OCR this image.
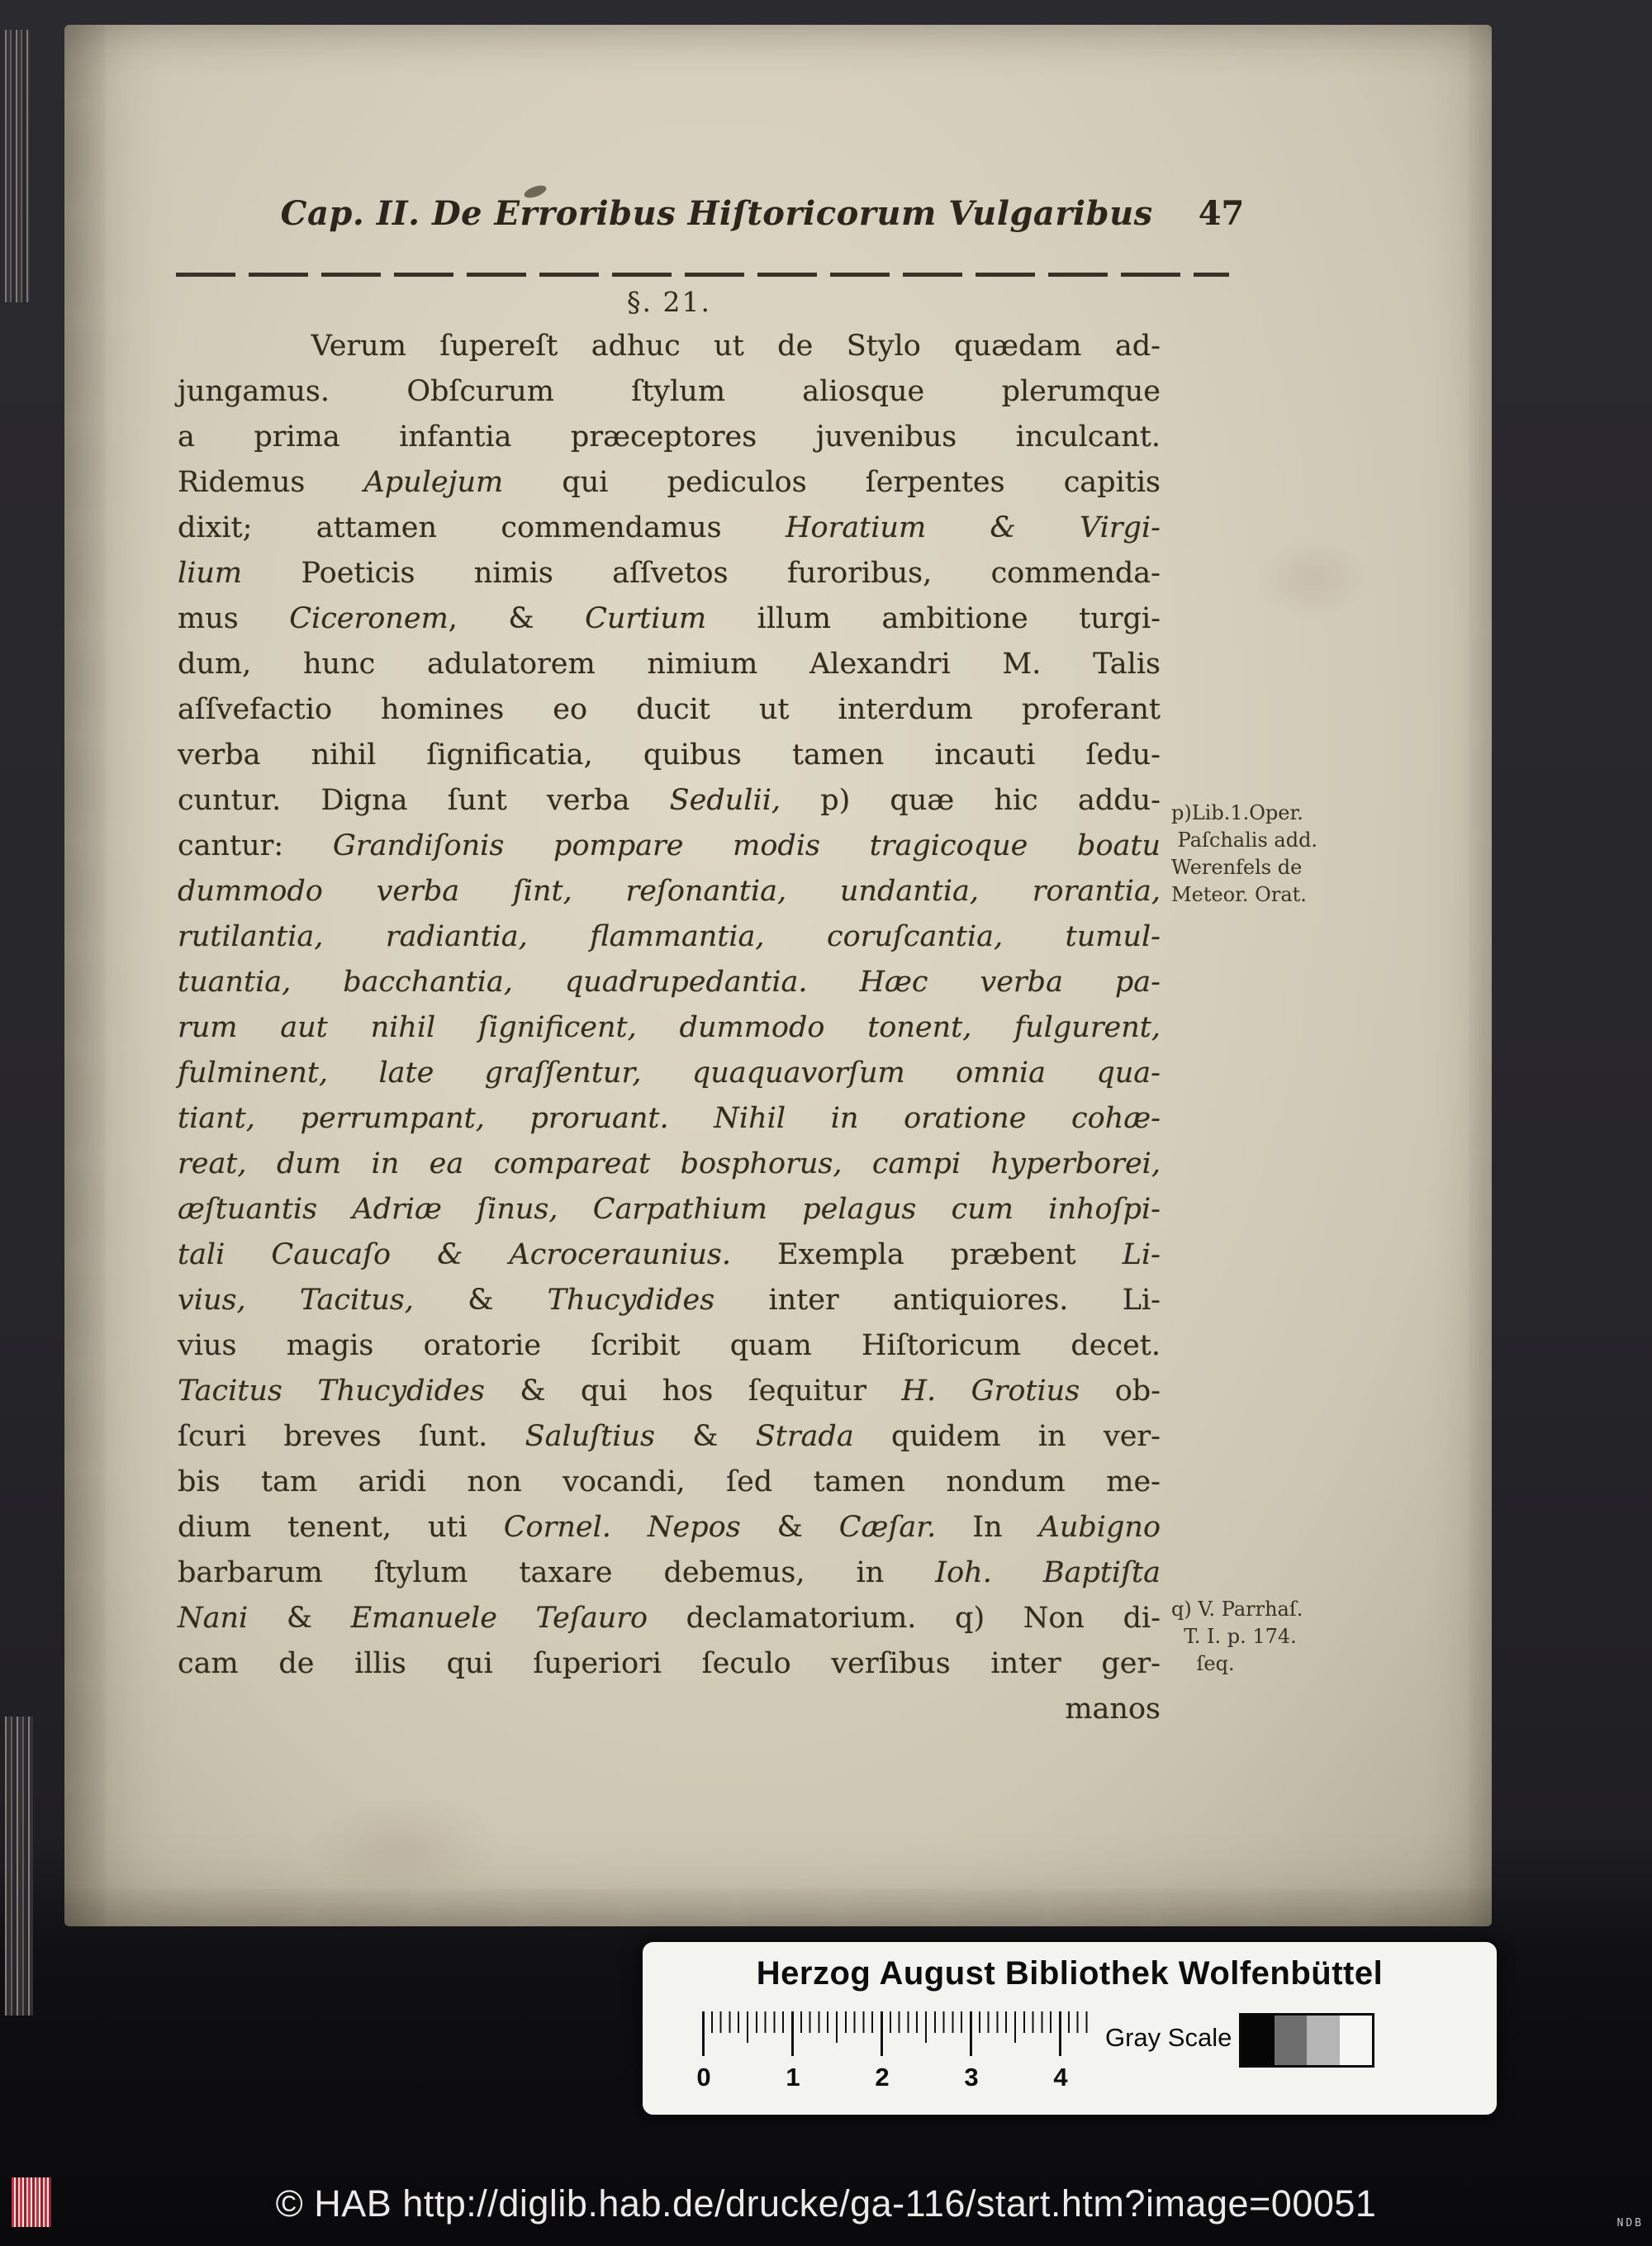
Cap. II. De Erroribus Hiſtoricorum Vulgaribus 47
§. 21.
Verum ſupereſt adhuc ut de Stylo quædam ad-
jungamus. Obſcurum ſtylum aliosque plerumque
a prima infantia præceptores juvenibus inculcant.
Ridemus Apulejum qui pediculos ſerpentes capitis
dixit; attamen commendamus Horatium & Virgi-
lium Poeticis nimis aſſvetos furoribus, commenda-
mus Ciceronem, & Curtium illum ambitione turgi-
dum, hunc adulatorem nimium Alexandri M. Talis
aſſvefactio homines eo ducit ut interdum proferant
verba nihil ſignificatia, quibus tamen incauti ſedu-
cuntur. Digna ſunt verba Sedulii, p) quæ hic addu-
cantur: Grandiſonis pompare modis tragicoque boatu
dummodo verba ſint, reſonantia, undantia, rorantia,
rutilantia, radiantia, flammantia, coruſcantia, tumul-
tuantia, bacchantia, quadrupedantia. Hæc verba pa-
rum aut nihil ſignificent, dummodo tonent, fulgurent,
fulminent, late graſſentur, quaquavorſum omnia qua-
tiant, perrumpant, proruant. Nihil in oratione cohæ-
reat, dum in ea compareat bosphorus, campi hyperborei,
æſtuantis Adriæ ſinus, Carpathium pelagus cum inhoſpi-
tali Caucaſo & Acroceraunius. Exempla præbent Li-
vius, Tacitus, & Thucydides inter antiquiores. Li-
vius magis oratorie ſcribit quam Hiſtoricum decet.
Tacitus Thucydides & qui hos ſequitur H. Grotius ob-
ſcuri breves ſunt. Saluſtius & Strada quidem in ver-
bis tam aridi non vocandi, ſed tamen nondum me-
dium tenent, uti Cornel. Nepos & Cæſar. In Aubigno
barbarum ſtylum taxare debemus, in Ioh. Baptiſta
Nani & Emanuele Teſauro declamatorium. q) Non di-
cam de illis qui ſuperiori ſeculo verſibus inter ger-
manos
p)Lib.1.Oper.
Paſchalis add.
Werenfels de
Meteor. Orat.
q) V. Parrhaſ.
T. I. p. 174.
ſeq.
Herzog August Bibliothek Wolfenbüttel
0	1	2	3	4
Gray Scale
© HAB http://diglib.hab.de/drucke/ga-116/start.htm?image=00051	NDB
